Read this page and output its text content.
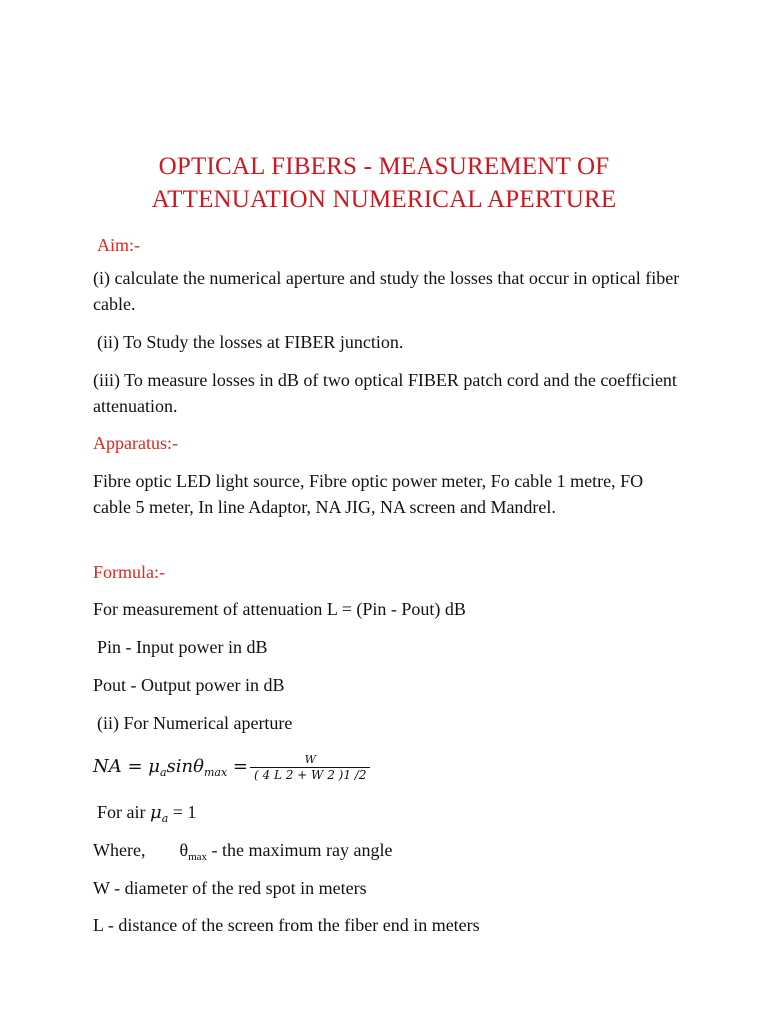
OPTICAL FIBERS - MEASUREMENT OF
ATTENUATION NUMERICAL APERTURE

Aim:-

(i) calculate the numerical aperture and study the losses that occur in optical fiber cable.

(ii) To Study the losses at FIBER junction.

(iii) To measure losses in dB of two optical FIBER patch cord and the coefficient attenuation.

Apparatus:-

Fibre optic LED light source, Fibre optic power meter, Fo cable 1 metre, FO cable 5 meter, In line Adaptor, NA JIG, NA screen and Mandrel.

Formula:-

For measurement of attenuation L = (Pin - Pout) dB

Pin - Input power in dB

Pout - Output power in dB

(ii) For Numerical aperture

NA = $\mu_a\sin\theta_{max} = \frac{W}{( 4 L 2 + W 2 )1 /2}$
For air $\mu_a = 1$
Where, $\theta_{max}$ - the maximum ray angle

W - diameter of the red spot in meters

L - distance of the screen from the fiber end in meters
